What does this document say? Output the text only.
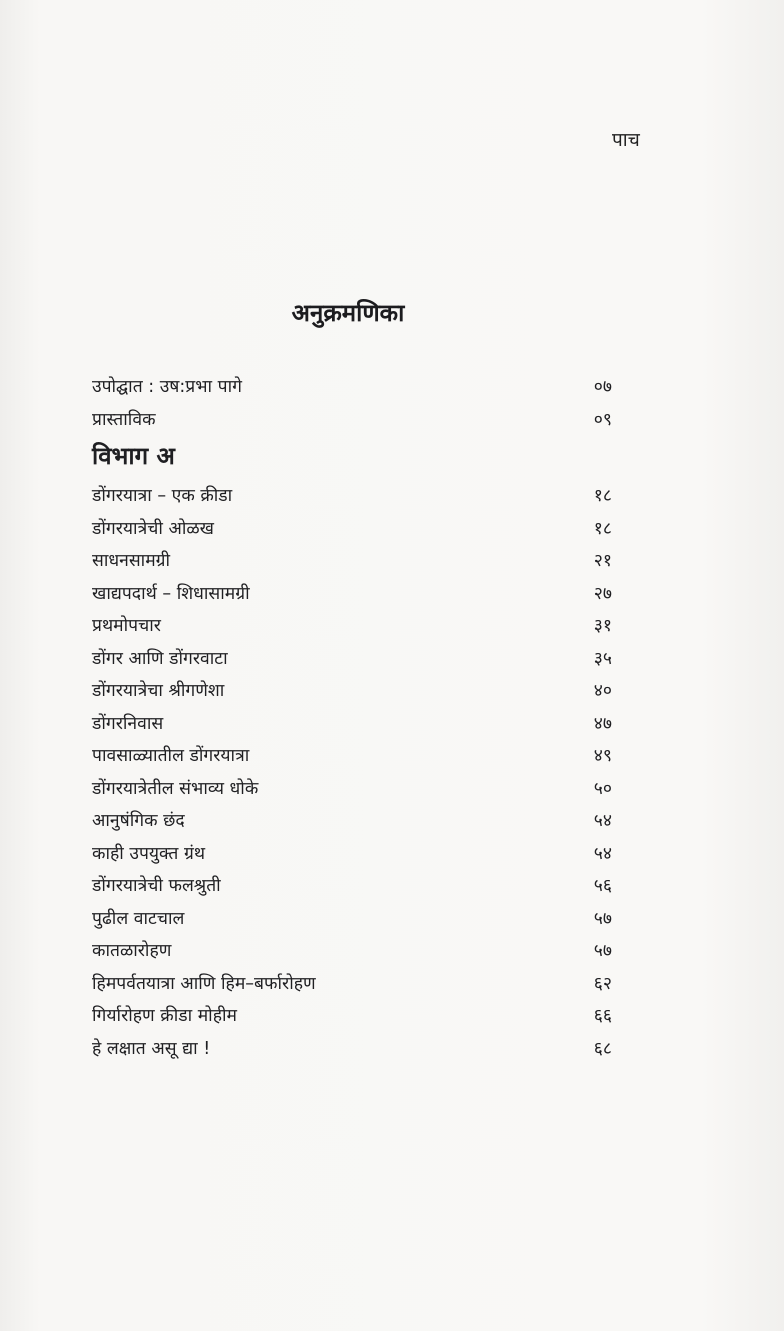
पाच
अनुक्रमणिका
उपोद्घात : उष:प्रभा पागे	०७
प्रास्ताविक	०९
विभाग अ
डोंगरयात्रा – एक क्रीडा	१८
डोंगरयात्रेची ओळख	१८
साधनसामग्री	२१
खाद्यपदार्थ – शिधासामग्री	२७
प्रथमोपचार	३१
डोंगर आणि डोंगरवाटा	३५
डोंगरयात्रेचा श्रीगणेशा	४०
डोंगरनिवास	४७
पावसाळ्यातील डोंगरयात्रा	४९
डोंगरयात्रेतील संभाव्य धोके	५०
आनुषंगिक छंद	५४
काही उपयुक्त ग्रंथ	५४
डोंगरयात्रेची फलश्रुती	५६
पुढील वाटचाल	५७
कातळारोहण	५७
हिमपर्वतयात्रा आणि हिम–बर्फारोहण	६२
गिर्यारोहण क्रीडा मोहीम	६६
हे लक्षात असू द्या !	६८
